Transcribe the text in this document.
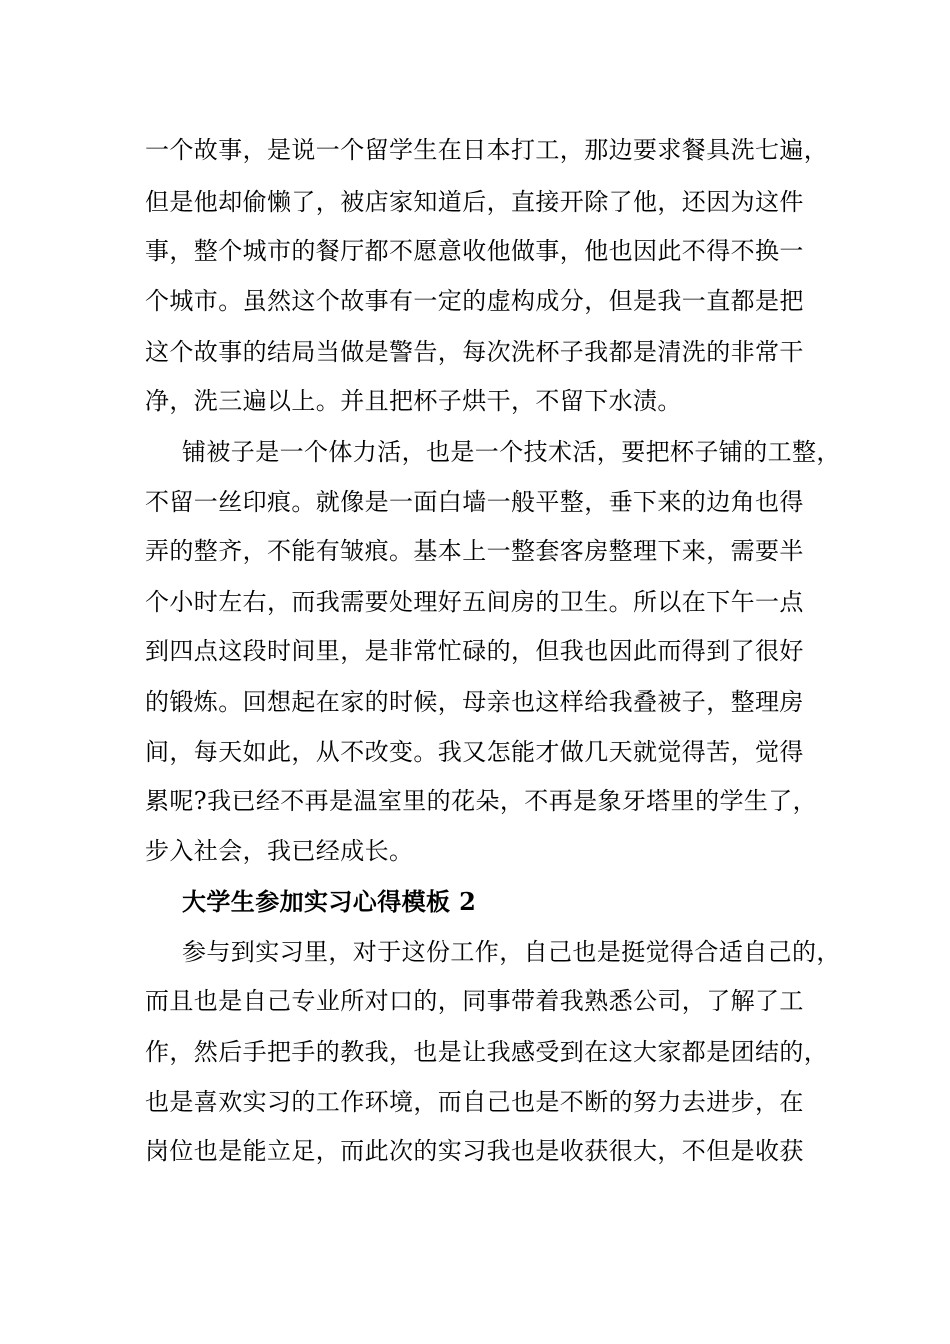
一个故事，是说一个留学生在日本打工，那边要求餐具洗七遍，
但是他却偷懒了，被店家知道后，直接开除了他，还因为这件
事，整个城市的餐厅都不愿意收他做事，他也因此不得不换一
个城市。虽然这个故事有一定的虚构成分，但是我一直都是把
这个故事的结局当做是警告，每次洗杯子我都是清洗的非常干
净，洗三遍以上。并且把杯子烘干，不留下水渍。
铺被子是一个体力活，也是一个技术活，要把杯子铺的工整，
不留一丝印痕。就像是一面白墙一般平整，垂下来的边角也得
弄的整齐，不能有皱痕。基本上一整套客房整理下来，需要半
个小时左右，而我需要处理好五间房的卫生。所以在下午一点
到四点这段时间里，是非常忙碌的，但我也因此而得到了很好
的锻炼。回想起在家的时候，母亲也这样给我叠被子，整理房
间，每天如此，从不改变。我又怎能才做几天就觉得苦，觉得
累呢?我已经不再是温室里的花朵，不再是象牙塔里的学生了，
步入社会，我已经成长。
大学生参加实习心得模板 2
参与到实习里，对于这份工作，自己也是挺觉得合适自己的，
而且也是自己专业所对口的，同事带着我熟悉公司，了解了工
作，然后手把手的教我，也是让我感受到在这大家都是团结的，
也是喜欢实习的工作环境，而自己也是不断的努力去进步，在
岗位也是能立足，而此次的实习我也是收获很大，不但是收获
